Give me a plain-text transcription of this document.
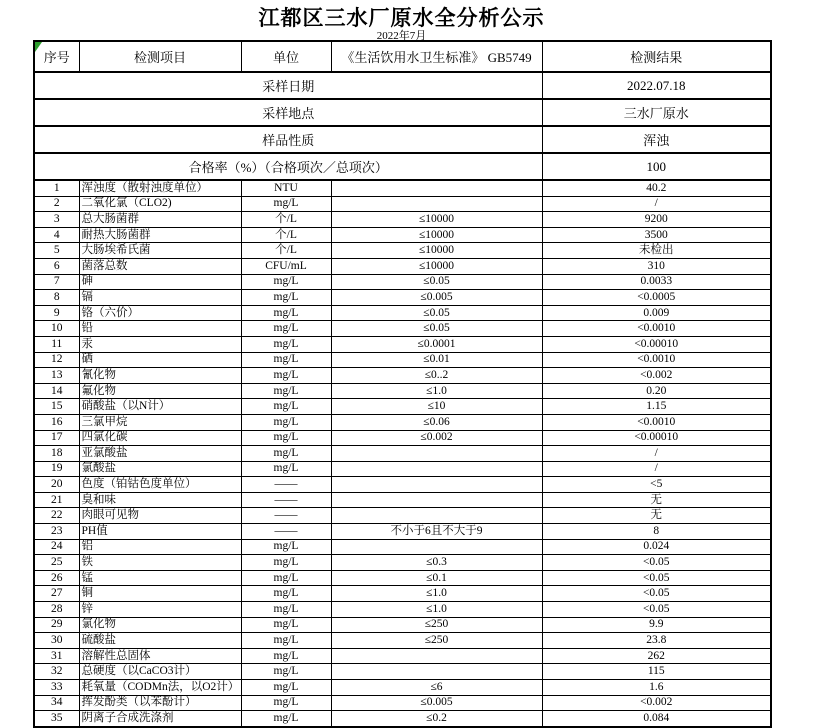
江都区三水厂原水全分析公示
2022年7月
采样日期				2022.07.18
采样地点				三水厂原水
样品性质				浑浊
合格率（%）（合格项次／总项次）				100
序号	检测项目	单位	《生活饮用水卫生标准》 GB5749	检测结果
1	浑浊度（散射浊度单位）	NTU		40.2
2	二氧化氯（CLO2)	mg/L		/
3	总大肠菌群	个/L	≤10000	9200
4	耐热大肠菌群	个/L	≤10000	3500
5	大肠埃希氏菌	个/L	≤10000	未检出
6	菌落总数	CFU/mL	≤10000	310
7	砷	mg/L	≤0.05	0.0033
8	镉	mg/L	≤0.005	<0.0005
9	铬（六价）	mg/L	≤0.05	0.009
10	铅	mg/L	≤0.05	<0.0010
11	汞	mg/L	≤0.0001	<0.00010
12	硒	mg/L	≤0.01	<0.0010
13	氰化物	mg/L	≤0..2	<0.002
14	氟化物	mg/L	≤1.0	0.20
15	硝酸盐（以N计）	mg/L	≤10	1.15
16	三氯甲烷	mg/L	≤0.06	<0.0010
17	四氯化碳	mg/L	≤0.002	<0.00010
18	亚氯酸盐	mg/L		/
19	氯酸盐	mg/L		/
20	色度（铂钴色度单位）	——		<5
21	臭和味	——		无
22	肉眼可见物	——		无
23	PH值	——	不小于6且不大于9	8
24	铝	mg/L		0.024
25	铁	mg/L	≤0.3	<0.05
26	锰	mg/L	≤0.1	<0.05
27	铜	mg/L	≤1.0	<0.05
28	锌	mg/L	≤1.0	<0.05
29	氯化物	mg/L	≤250	9.9
30	硫酸盐	mg/L	≤250	23.8
31	溶解性总固体	mg/L		262
32	总硬度（以CaCO3计）	mg/L		115
33	耗氧量（CODMn法，以O2计）	mg/L	≤6	1.6
34	挥发酚类（以苯酚计）	mg/L	≤0.005	<0.002
35	阴离子合成洗涤剂	mg/L	≤0.2	0.084
